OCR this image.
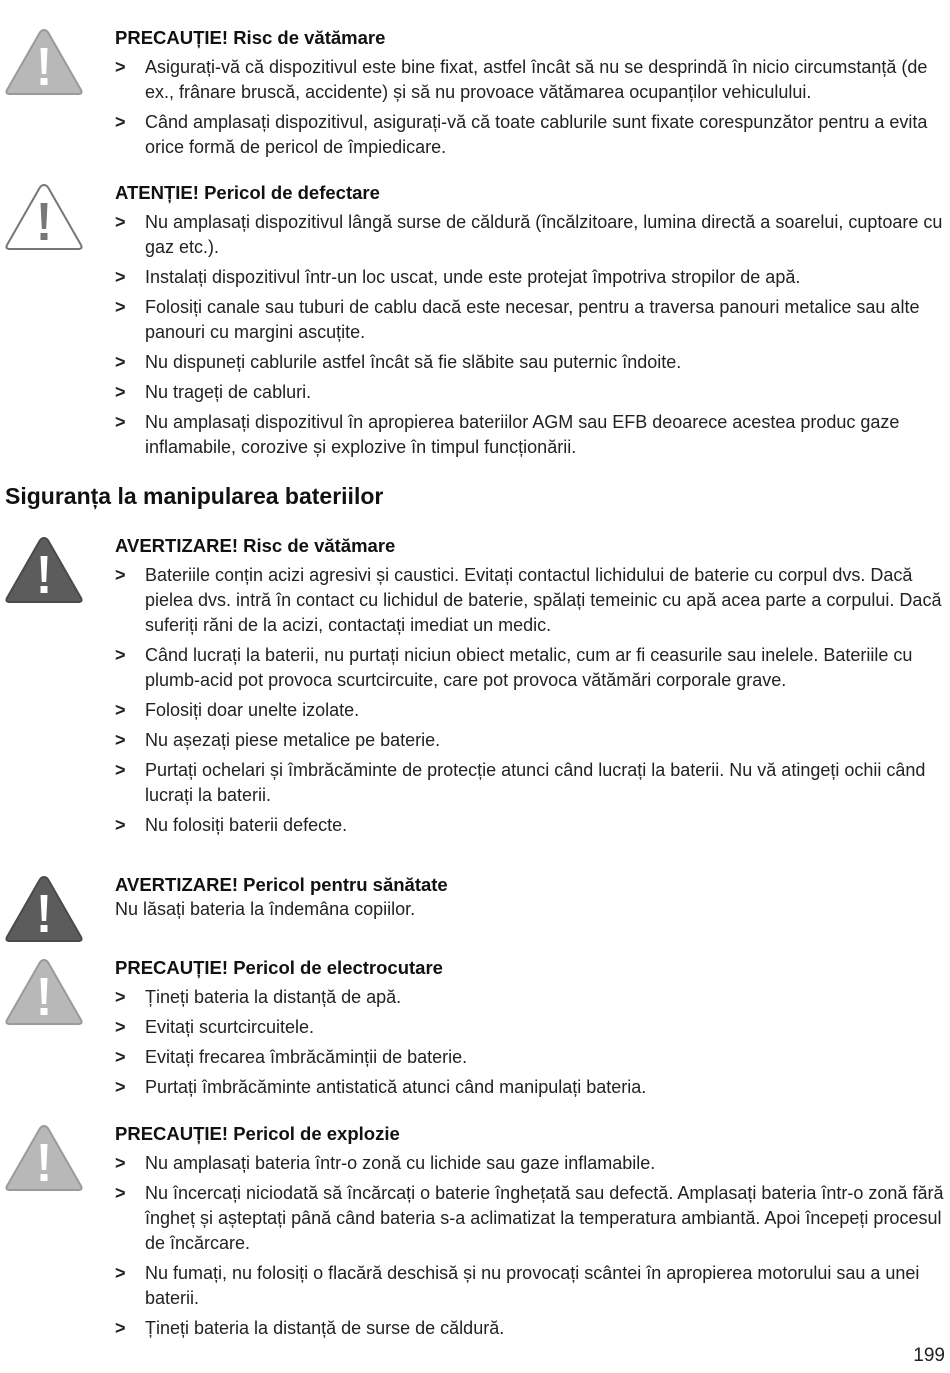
PRECAUȚIE! Risc de vătămare

> Asigurați-vă că dispozitivul este bine fixat, astfel încât să nu se desprindă în nicio circumstanță (de ex., frânare bruscă, accidente) și să nu provoace vătămarea ocupanților vehiculului.
> Când amplasați dispozitivul, asigurați-vă că toate cablurile sunt fixate corespunzător pentru a evita orice formă de pericol de împiedicare.

ATENȚIE! Pericol de defectare

> Nu amplasați dispozitivul lângă surse de căldură (încălzitoare, lumina directă a soarelui, cuptoare cu gaz etc.).
> Instalați dispozitivul într-un loc uscat, unde este protejat împotriva stropilor de apă.
> Folosiți canale sau tuburi de cablu dacă este necesar, pentru a traversa panouri metalice sau alte panouri cu margini ascuțite.
> Nu dispuneți cablurile astfel încât să fie slăbite sau puternic îndoite.
> Nu trageți de cabluri.
> Nu amplasați dispozitivul în apropierea bateriilor AGM sau EFB deoarece acestea produc gaze inflamabile, corozive și explozive în timpul funcționării.
Siguranța la manipularea bateriilor

AVERTIZARE! Risc de vătămare

> Bateriile conțin acizi agresivi și caustici. Evitați contactul lichidului de baterie cu corpul dvs. Dacă pielea dvs. intră în contact cu lichidul de baterie, spălați temeinic cu apă acea parte a corpului. Dacă suferiți răni de la acizi, contactați imediat un medic.
> Când lucrați la baterii, nu purtați niciun obiect metalic, cum ar fi ceasurile sau inelele. Bateriile cu plumb-acid pot provoca scurtcircuite, care pot provoca vătămări corporale grave.
> Folosiți doar unelte izolate.
> Nu așezați piese metalice pe baterie.
> Purtați ochelari și îmbrăcăminte de protecție atunci când lucrați la baterii. Nu vă atingeți ochii când lucrați la baterii.
> Nu folosiți baterii defecte.

AVERTIZARE! Pericol pentru sănătate

Nu lăsați bateria la îndemâna copiilor.

PRECAUȚIE! Pericol de electrocutare

> Țineți bateria la distanță de apă.
> Evitați scurtcircuitele.
> Evitați frecarea îmbrăcăminții de baterie.
> Purtați îmbrăcăminte antistatică atunci când manipulați bateria.

PRECAUȚIE! Pericol de explozie

> Nu amplasați bateria într-o zonă cu lichide sau gaze inflamabile.
> Nu încercați niciodată să încărcați o baterie înghețată sau defectă. Amplasați bateria într-o zonă fără îngheț și așteptați până când bateria s-a aclimatizat la temperatura ambiantă. Apoi începeți procesul de încărcare.
> Nu fumați, nu folosiți o flacără deschisă și nu provocați scântei în apropierea motorului sau a unei baterii.
> Țineți bateria la distanță de surse de căldură.
199
